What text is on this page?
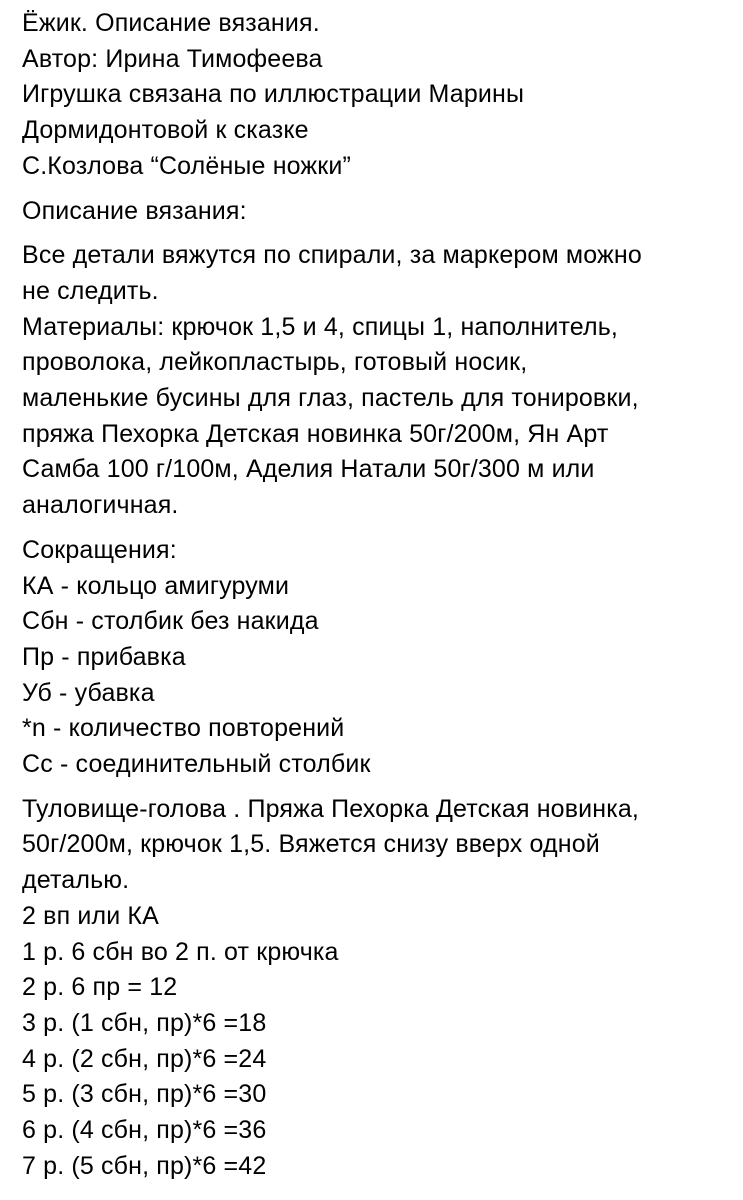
Ёжик. Описание вязания.
Автор: Ирина Тимофеева
Игрушка связана по иллюстрации Марины
Дормидонтовой к сказке
С.Козлова “Солёные ножки”
Описание вязания:
Все детали вяжутся по спирали, за маркером можно
не следить.
Материалы: крючок 1,5 и 4, спицы 1, наполнитель,
проволока, лейкопластырь, готовый носик,
маленькие бусины для глаз, пастель для тонировки,
пряжа Пехорка Детская новинка 50г/200м, Ян Арт
Самба 100 г/100м, Аделия Натали 50г/300 м или
аналогичная.
Сокращения:
КА - кольцо амигуруми
Сбн - столбик без накида
Пр - прибавка
Уб - убавка
*n - количество повторений
Сс - соединительный столбик
Туловище-голова . Пряжа Пехорка Детская новинка,
50г/200м, крючок 1,5. Вяжется снизу вверх одной
деталью.
2 вп или КА
1 р. 6 сбн во 2 п. от крючка
2 р. 6 пр = 12
3 р. (1 сбн, пр)*6 =18
4 р. (2 сбн, пр)*6 =24
5 р. (3 сбн, пр)*6 =30
6 р. (4 сбн, пр)*6 =36
7 р. (5 сбн, пр)*6 =42
